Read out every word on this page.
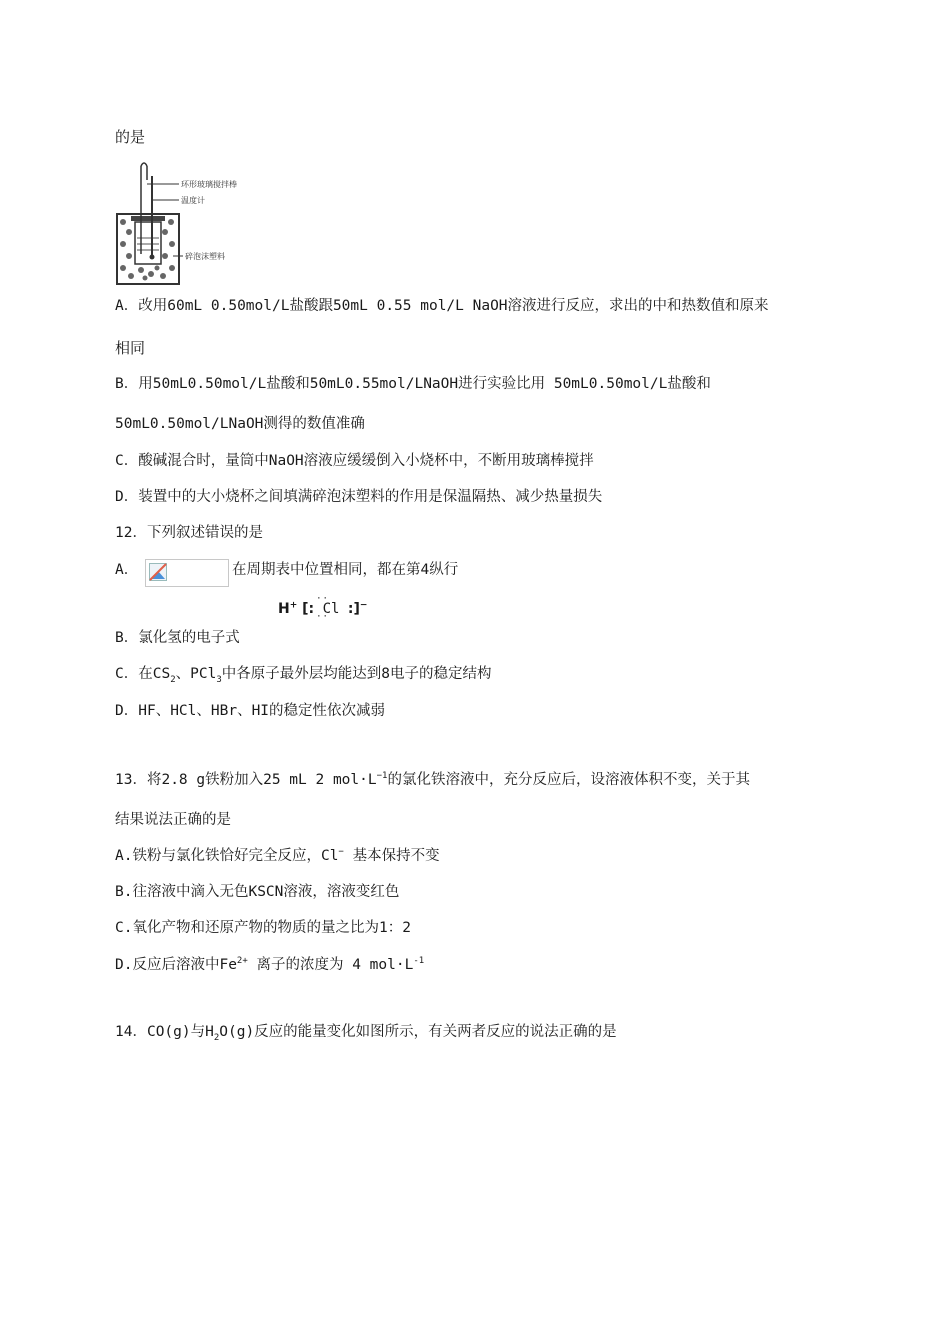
的是
环形玻璃搅拌棒
温度计
碎泡沫塑料
A．改用60mL 0.50mol/L盐酸跟50mL 0.55 mol/L NaOH溶液进行反应，求出的中和热数值和原来
相同
B．用50mL0.50mol/L盐酸和50mL0.55mol/LNaOH进行实验比用 50mL0.50mol/L盐酸和
50mL0.50mol/LNaOH测得的数值准确
C．酸碱混合时，量筒中NaOH溶液应缓缓倒入小烧杯中，不断用玻璃棒搅拌
D．装置中的大小烧杯之间填满碎泡沫塑料的作用是保温隔热、减少热量损失
12．下列叙述错误的是
A．	在周期表中位置相同，都在第4纵行
H+ [:
··
Cl
·· :]−
B．氯化氢的电子式
C．在$CS_2$、PCl$_3$中各原子最外层均能达到8电子的稳定结构
D．HF、HCl、HBr、HI的稳定性依次减弱
13．将2.8 g铁粉加入25 mL 2 $mol\cdot L^{-1}$的氯化铁溶液中，充分反应后，设溶液体积不变，关于其
结果说法正确的是
A.铁粉与氯化铁恰好完全反应，Cl− 基本保持不变
B.往溶液中滴入无色KSCN溶液，溶液变红色
C.氧化产物和还原产物的物质的量之比为1：2
D.反应后溶液中$Fe^{2+}$ 离子的浓度为 4 $mol\cdot L^{-1}$
14．CO(g)与$H_2O(g)$反应的能量变化如图所示，有关两者反应的说法正确的是
